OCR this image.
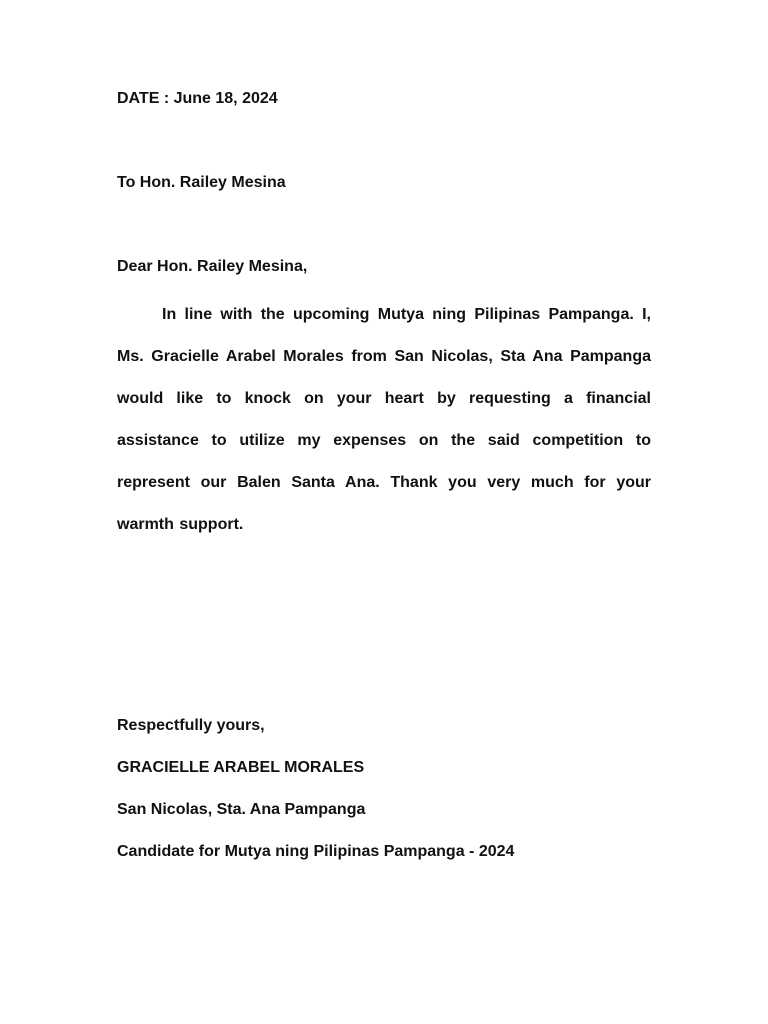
DATE : June 18, 2024
To Hon. Railey Mesina
Dear Hon. Railey Mesina,
In line with the upcoming Mutya ning Pilipinas Pampanga. I, Ms. Gracielle Arabel Morales from San Nicolas, Sta Ana Pampanga would like to knock on your heart by requesting a financial assistance to utilize my expenses on the said competition to represent our Balen Santa Ana. Thank you very much for your warmth support.
Respectfully yours,
GRACIELLE ARABEL MORALES
San Nicolas, Sta. Ana Pampanga
Candidate for Mutya ning Pilipinas Pampanga - 2024
